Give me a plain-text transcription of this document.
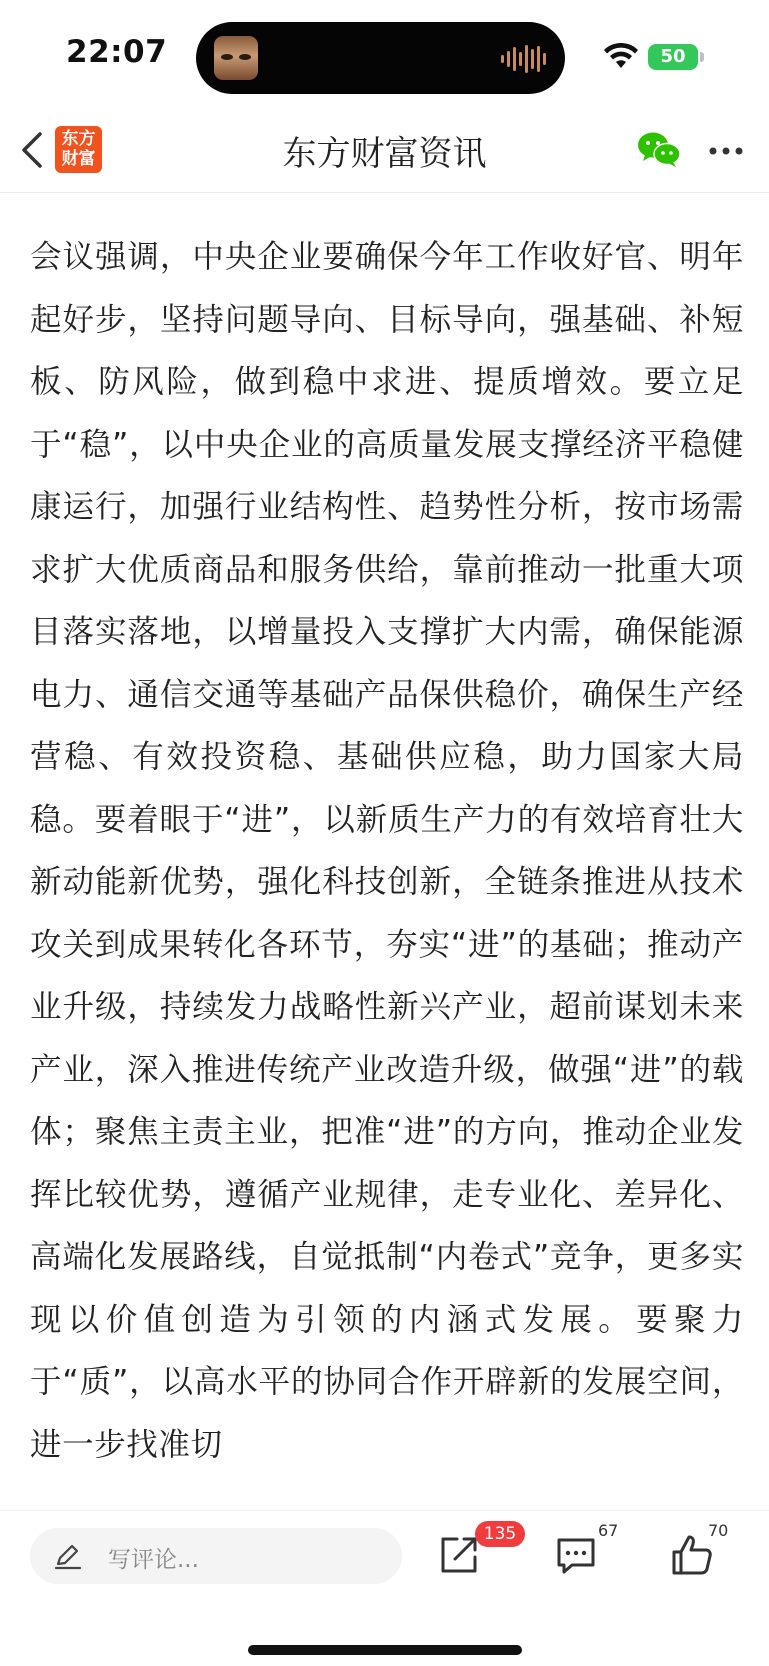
22:07	50
东方
财富	东方财富资讯

会议强调，中央企业要确保今年工作收好官、明年起好步，坚持问题导向、目标导向，强基础、补短板、防风险，做到稳中求进、提质增效。要立足于“稳”，以中央企业的高质量发展支撑经济平稳健康运行，加强行业结构性、趋势性分析，按市场需求扩大优质商品和服务供给，靠前推动一批重大项目落实落地，以增量投入支撑扩大内需，确保能源电力、通信交通等基础产品保供稳价，确保生产经营稳、有效投资稳、基础供应稳，助力国家大局稳。要着眼于“进”，以新质生产力的有效培育壮大新动能新优势，强化科技创新，全链条推进从技术攻关到成果转化各环节，夯实“进”的基础；推动产业升级，持续发力战略性新兴产业，超前谋划未来产业，深入推进传统产业改造升级，做强“进”的载体；聚焦主责主业，把准“进”的方向，推动企业发挥比较优势，遵循产业规律，走专业化、差异化、高端化发展路线，自觉抵制“内卷式”竞争，更多实现以价值创造为引领的内涵式发展。要聚力于“质”，以高水平的协同合作开辟新的发展空间，进一步找准切

写评论...
135	67	70
